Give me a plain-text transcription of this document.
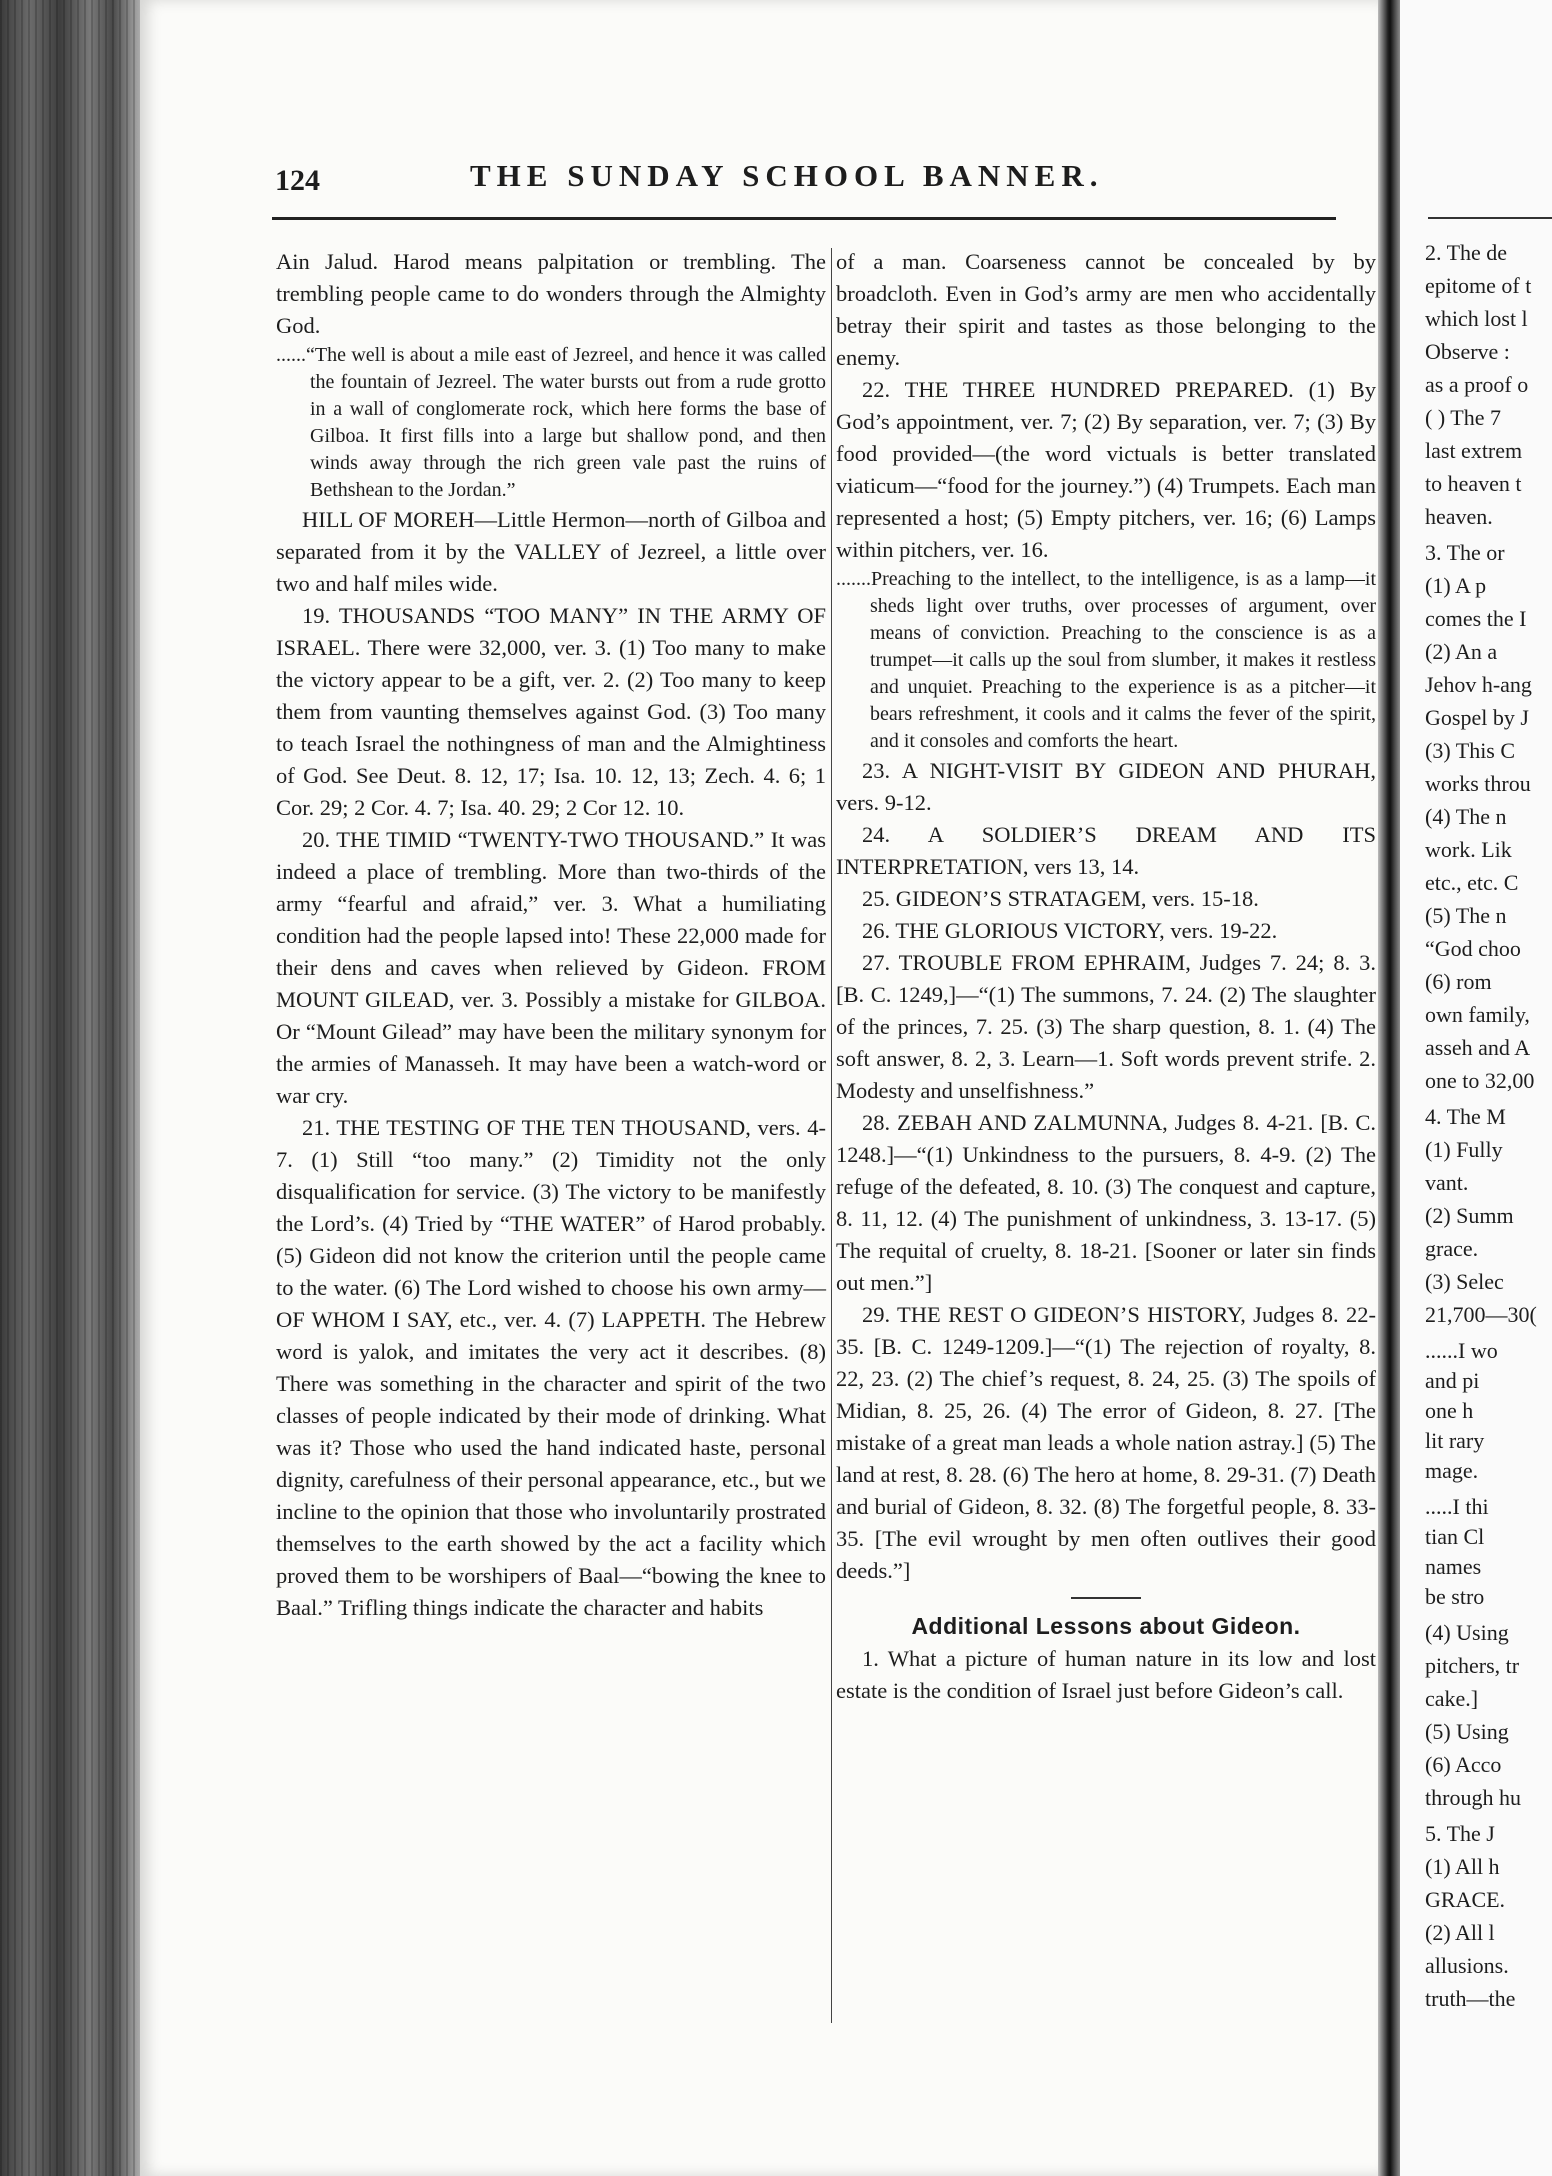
124	THE SUNDAY SCHOOL BANNER.

Ain Jalud. Harod means palpitation or trembling. The trembling people came to do wonders through the Almighty God.

......“The well is about a mile east of Jezreel, and hence it was called the fountain of Jezreel. The water bursts out from a rude grotto in a wall of conglomerate rock, which here forms the base of Gilboa. It first fills into a large but shallow pond, and then winds away through the rich green vale past the ruins of Bethshean to the Jordan.”

HILL OF MOREH—Little Hermon—north of Gilboa and separated from it by the VALLEY of Jezreel, a little over two and half miles wide.

19. THOUSANDS “TOO MANY” IN THE ARMY OF ISRAEL. There were 32,000, ver. 3. (1) Too many to make the victory appear to be a gift, ver. 2. (2) Too many to keep them from vaunting themselves against God. (3) Too many to teach Israel the nothingness of man and the Almightiness of God. See Deut. 8. 12, 17; Isa. 10. 12, 13; Zech. 4. 6; 1 Cor. 29; 2 Cor. 4. 7; Isa. 40. 29; 2 Cor 12. 10.

20. THE TIMID “TWENTY-TWO THOUSAND.” It was indeed a place of trembling. More than two-thirds of the army “fearful and afraid,” ver. 3. What a humiliating condition had the people lapsed into! These 22,000 made for their dens and caves when relieved by Gideon. FROM MOUNT GILEAD, ver. 3. Possibly a mistake for GILBOA. Or “Mount Gilead” may have been the military synonym for the armies of Manasseh. It may have been a watch-word or war cry.

21. THE TESTING OF THE TEN THOUSAND, vers. 4-7. (1) Still “too many.” (2) Timidity not the only disqualification for service. (3) The victory to be manifestly the Lord’s. (4) Tried by “THE WATER” of Harod probably. (5) Gideon did not know the criterion until the people came to the water. (6) The Lord wished to choose his own army—OF WHOM I SAY, etc., ver. 4. (7) LAPPETH. The Hebrew word is yalok, and imitates the very act it describes. (8) There was something in the character and spirit of the two classes of people indicated by their mode of drinking. What was it? Those who used the hand indicated haste, personal dignity, carefulness of their personal appearance, etc., but we incline to the opinion that those who involuntarily prostrated themselves to the earth showed by the act a facility which proved them to be worshipers of Baal—“bowing the knee to Baal.” Trifling things indicate the character and habits

of a man. Coarseness cannot be concealed by by broadcloth. Even in God’s army are men who accidentally betray their spirit and tastes as those belonging to the enemy.

22. THE THREE HUNDRED PREPARED. (1) By God’s appointment, ver. 7; (2) By separation, ver. 7; (3) By food provided—(the word victuals is better translated viaticum—“food for the journey.”) (4) Trumpets. Each man represented a host; (5) Empty pitchers, ver. 16; (6) Lamps within pitchers, ver. 16.

.......Preaching to the intellect, to the intelligence, is as a lamp—it sheds light over truths, over processes of argument, over means of conviction. Preaching to the conscience is as a trumpet—it calls up the soul from slumber, it makes it restless and unquiet. Preaching to the experience is as a pitcher—it bears refreshment, it cools and it calms the fever of the spirit, and it consoles and comforts the heart.

23. A NIGHT-VISIT BY GIDEON AND PHURAH, vers. 9-12.

24. A SOLDIER’S DREAM AND ITS INTERPRETATION, vers 13, 14.

25. GIDEON’S STRATAGEM, vers. 15-18.

26. THE GLORIOUS VICTORY, vers. 19-22.

27. TROUBLE FROM EPHRAIM, Judges 7. 24; 8. 3. [B. C. 1249,]—“(1) The summons, 7. 24. (2) The slaughter of the princes, 7. 25. (3) The sharp question, 8. 1. (4) The soft answer, 8. 2, 3. Learn—1. Soft words prevent strife. 2. Modesty and unselfishness.”

28. ZEBAH AND ZALMUNNA, Judges 8. 4-21. [B. C. 1248.]—“(1) Unkindness to the pursuers, 8. 4-9. (2) The refuge of the defeated, 8. 10. (3) The conquest and capture, 8. 11, 12. (4) The punishment of unkindness, 3. 13-17. (5) The requital of cruelty, 8. 18-21. [Sooner or later sin finds out men.”]

29. THE REST O GIDEON’S HISTORY, Judges 8. 22-35. [B. C. 1249-1209.]—“(1) The rejection of royalty, 8. 22, 23. (2) The chief’s request, 8. 24, 25. (3) The spoils of Midian, 8. 25, 26. (4) The error of Gideon, 8. 27. [The mistake of a great man leads a whole nation astray.] (5) The land at rest, 8. 28. (6) The hero at home, 8. 29-31. (7) Death and burial of Gideon, 8. 32. (8) The forgetful people, 8. 33-35. [The evil wrought by men often outlives their good deeds.”]

Additional Lessons about Gideon.

1. What a picture of human nature in its low and lost estate is the condition of Israel just before Gideon’s call.

2. The de
epitome of t
which lost l
Observe :
as a proof o
( ) The 7
last extrem
to heaven t
heaven.
3. The or
(1) A p
comes the I
(2) An a
Jehov h-ang
Gospel by J
(3) This C
works throu
(4) The n
work. Lik
etc., etc. C
(5) The n
“God choo
(6) rom
own family,
asseh and A
one to 32,00
4. The M
(1) Fully
vant.
(2) Summ
grace.
(3) Selec
21,700—30(
......I wo
and pi
one h
lit rary
mage.
.....I thi
tian Cl
names
be stro
(4) Using
pitchers, tr
cake.]
(5) Using
(6) Acco
through hu
5. The J
(1) All h
GRACE.
(2) All l
allusions.
truth—the
